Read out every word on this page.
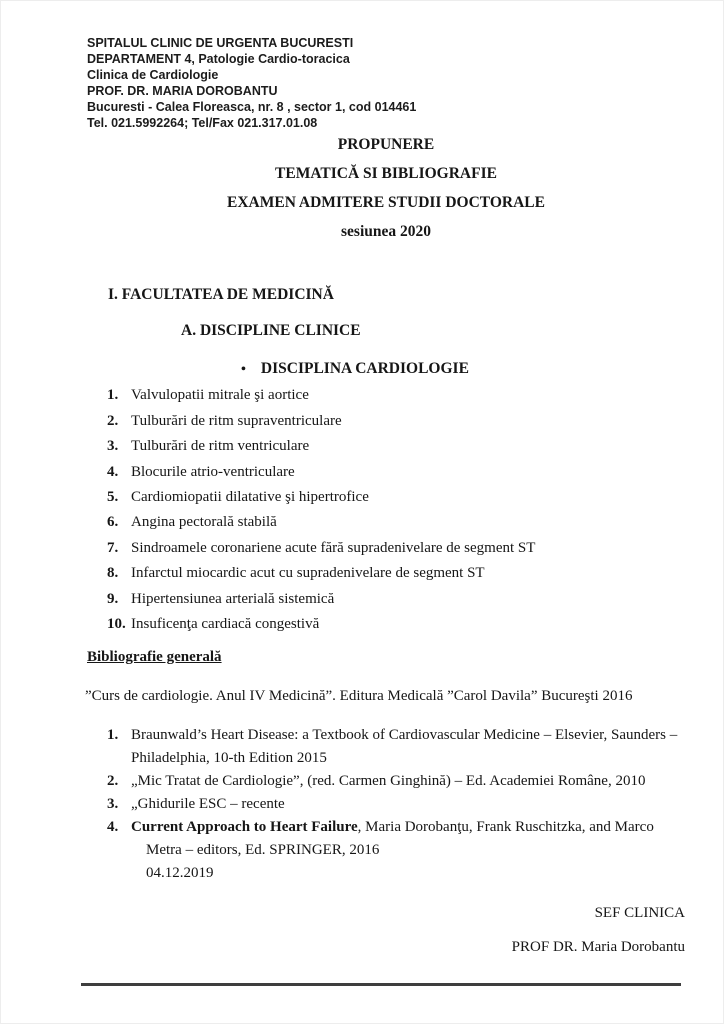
SPITALUL CLINIC DE URGENTA BUCURESTI
DEPARTAMENT 4, Patologie Cardio-toracica
Clinica de Cardiologie
PROF. DR. MARIA DOROBANTU
Bucuresti - Calea Floreasca, nr. 8 , sector 1, cod 014461
Tel. 021.5992264; Tel/Fax 021.317.01.08
PROPUNERE
TEMATICĂ SI BIBLIOGRAFIE
EXAMEN ADMITERE STUDII DOCTORALE
sesiunea 2020
I. FACULTATEA DE MEDICINĂ
A. DISCIPLINE CLINICE
• DISCIPLINA CARDIOLOGIE
1. Valvulopatii mitrale şi aortice
2. Tulburări de ritm supraventriculare
3. Tulburări de ritm ventriculare
4. Blocurile atrio-ventriculare
5. Cardiomiopatii dilatative şi hipertrofice
6. Angina pectorală stabilă
7. Sindroamele coronariene acute fără supradenivelare de segment ST
8. Infarctul miocardic acut cu supradenivelare de segment ST
9. Hipertensiunea arterială sistemică
10. Insuficenţa cardiacă congestivă
Bibliografie generală
”Curs de cardiologie. Anul IV Medicină”. Editura Medicală ”Carol Davila” Bucureşti 2016
1. Braunwald’s Heart Disease: a Textbook of Cardiovascular Medicine – Elsevier, Saunders –
Philadelphia, 10-th Edition 2015
2. „Mic Tratat de Cardiologie”, (red. Carmen Ginghină) – Ed. Academiei Române, 2010
3. „Ghidurile ESC – recente
4. Current Approach to Heart Failure, Maria Dorobanţu, Frank Ruschitzka, and Marco
Metra – editors, Ed. SPRINGER, 2016
04.12.2019
SEF CLINICA
PROF DR. Maria Dorobantu
